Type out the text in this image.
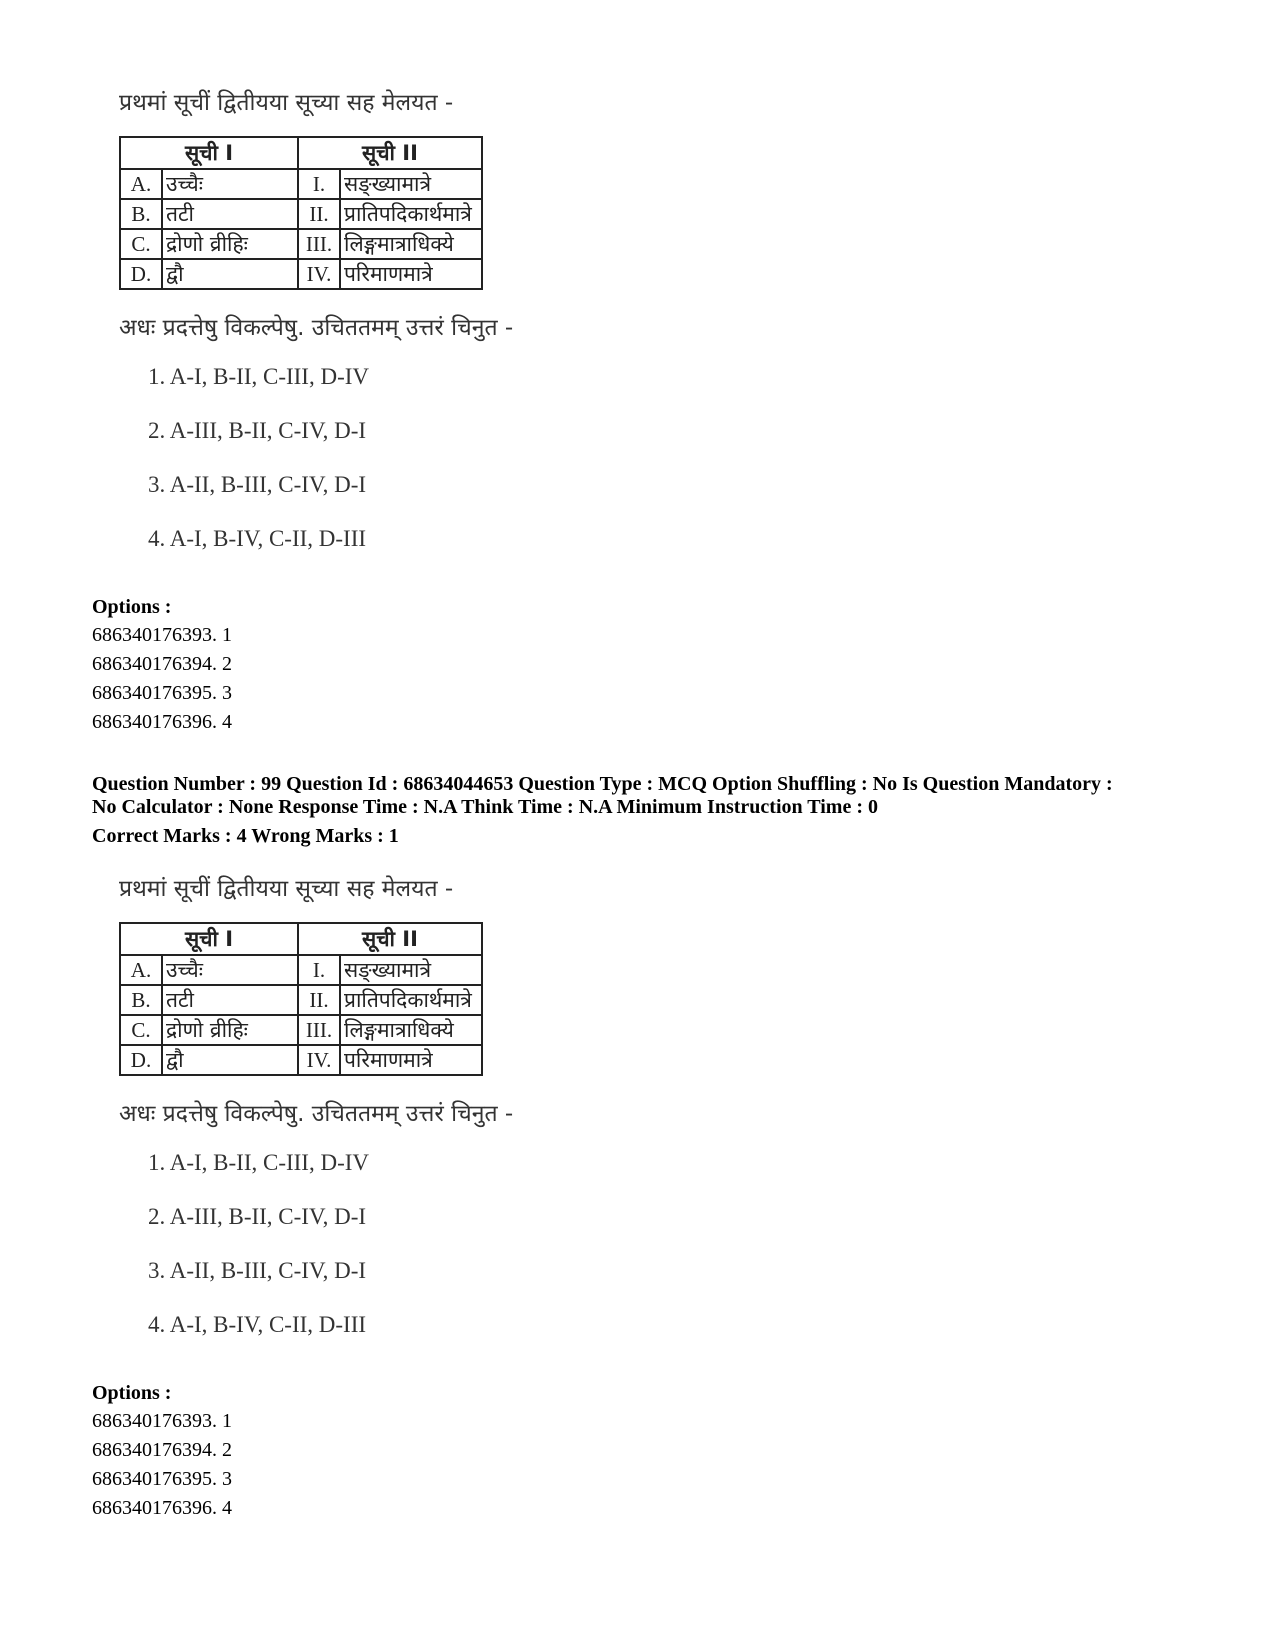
प्रथमां सूचीं द्वितीयया सूच्या सह मेलयत -
सूची I		सूची II	
A.	उच्चैः	I.	सङ्ख्यामात्रे
B.	तटी	II.	प्रातिपदिकार्थमात्रे
C.	द्रोणो व्रीहिः	III.	लिङ्गमात्राधिक्ये
D.	द्वौ	IV.	परिमाणमात्रे
अधः प्रदत्तेषु विकल्पेषु. उचिततमम् उत्तरं चिनुत -
1. A-I, B-II, C-III, D-IV
2. A-III, B-II, C-IV, D-I
3. A-II, B-III, C-IV, D-I
4. A-I, B-IV, C-II, D-III
Options :
686340176393. 1
686340176394. 2
686340176395. 3
686340176396. 4
Question Number : 99 Question Id : 68634044653 Question Type : MCQ Option Shuffling : No Is Question Mandatory :
No Calculator : None Response Time : N.A Think Time : N.A Minimum Instruction Time : 0
Correct Marks : 4 Wrong Marks : 1
प्रथमां सूचीं द्वितीयया सूच्या सह मेलयत -
सूची I		सूची II	
A.	उच्चैः	I.	सङ्ख्यामात्रे
B.	तटी	II.	प्रातिपदिकार्थमात्रे
C.	द्रोणो व्रीहिः	III.	लिङ्गमात्राधिक्ये
D.	द्वौ	IV.	परिमाणमात्रे
अधः प्रदत्तेषु विकल्पेषु. उचिततमम् उत्तरं चिनुत -
1. A-I, B-II, C-III, D-IV
2. A-III, B-II, C-IV, D-I
3. A-II, B-III, C-IV, D-I
4. A-I, B-IV, C-II, D-III
Options :
686340176393. 1
686340176394. 2
686340176395. 3
686340176396. 4
